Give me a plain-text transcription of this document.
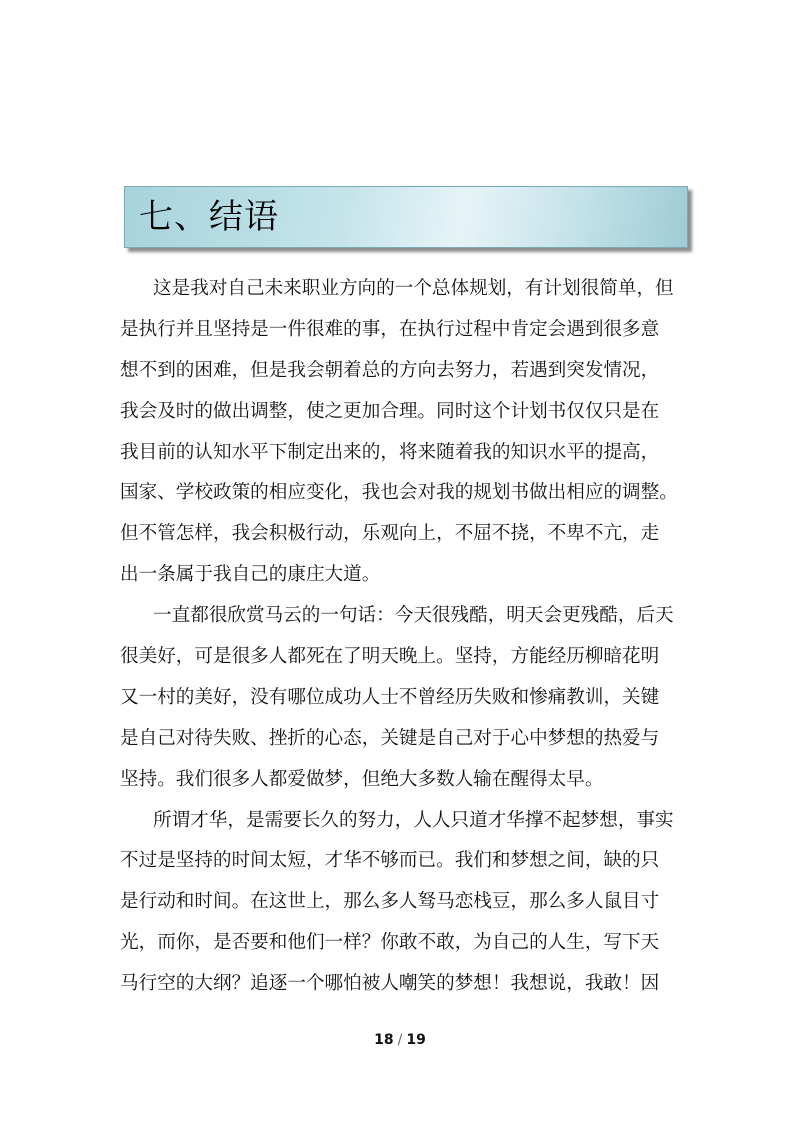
七、结语
这是我对自己未来职业方向的一个总体规划，有计划很简单，但
是执行并且坚持是一件很难的事，在执行过程中肯定会遇到很多意
想不到的困难，但是我会朝着总的方向去努力，若遇到突发情况，
我会及时的做出调整，使之更加合理。同时这个计划书仅仅只是在
我目前的认知水平下制定出来的，将来随着我的知识水平的提高，
国家、学校政策的相应变化，我也会对我的规划书做出相应的调整。
但不管怎样，我会积极行动，乐观向上，不屈不挠，不卑不亢，走
出一条属于我自己的康庄大道。
一直都很欣赏马云的一句话：今天很残酷，明天会更残酷，后天
很美好，可是很多人都死在了明天晚上。坚持，方能经历柳暗花明
又一村的美好，没有哪位成功人士不曾经历失败和惨痛教训，关键
是自己对待失败、挫折的心态，关键是自己对于心中梦想的热爱与
坚持。我们很多人都爱做梦，但绝大多数人输在醒得太早。
所谓才华，是需要长久的努力，人人只道才华撑不起梦想，事实
不过是坚持的时间太短，才华不够而已。我们和梦想之间，缺的只
是行动和时间。在这世上，那么多人驽马恋栈豆，那么多人鼠目寸
光，而你，是否要和他们一样？你敢不敢，为自己的人生，写下天
马行空的大纲？追逐一个哪怕被人嘲笑的梦想！我想说，我敢！因
18 / 19
